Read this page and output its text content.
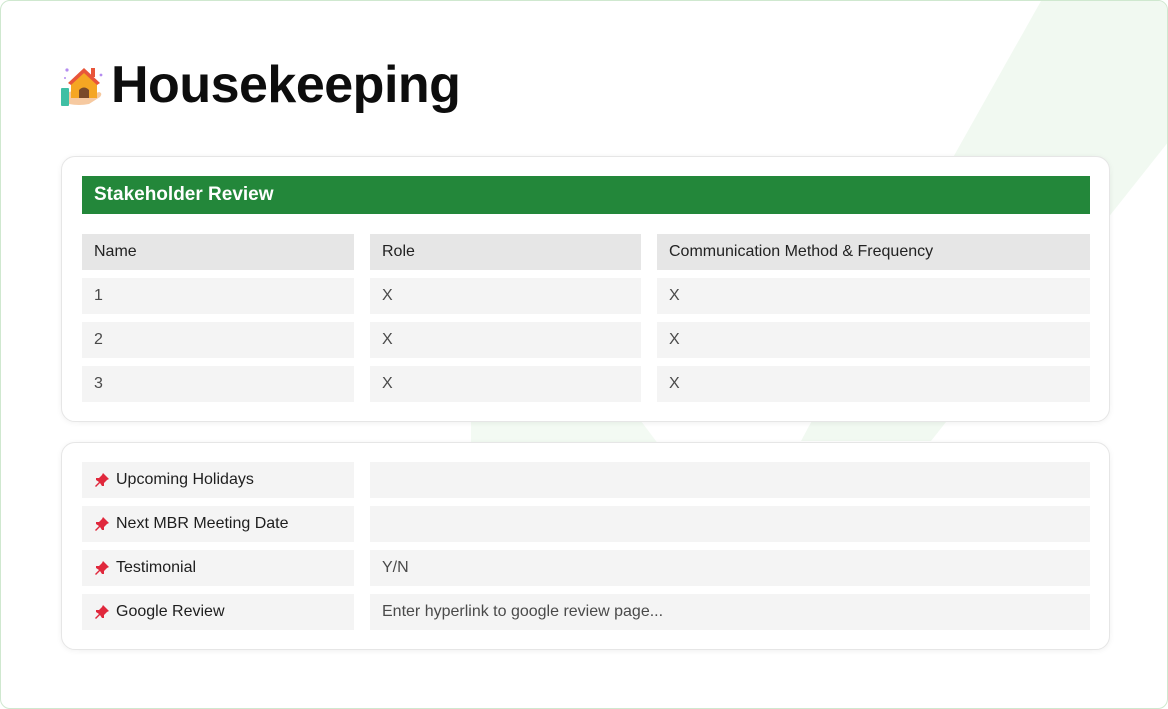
Housekeeping
Stakeholder Review
Name	Role	Communication Method & Frequency
1	X	X
2	X	X
3	X	X
Upcoming Holidays
Next MBR Meeting Date
Testimonial	Y/N
Google Review	Enter hyperlink to google review page...
